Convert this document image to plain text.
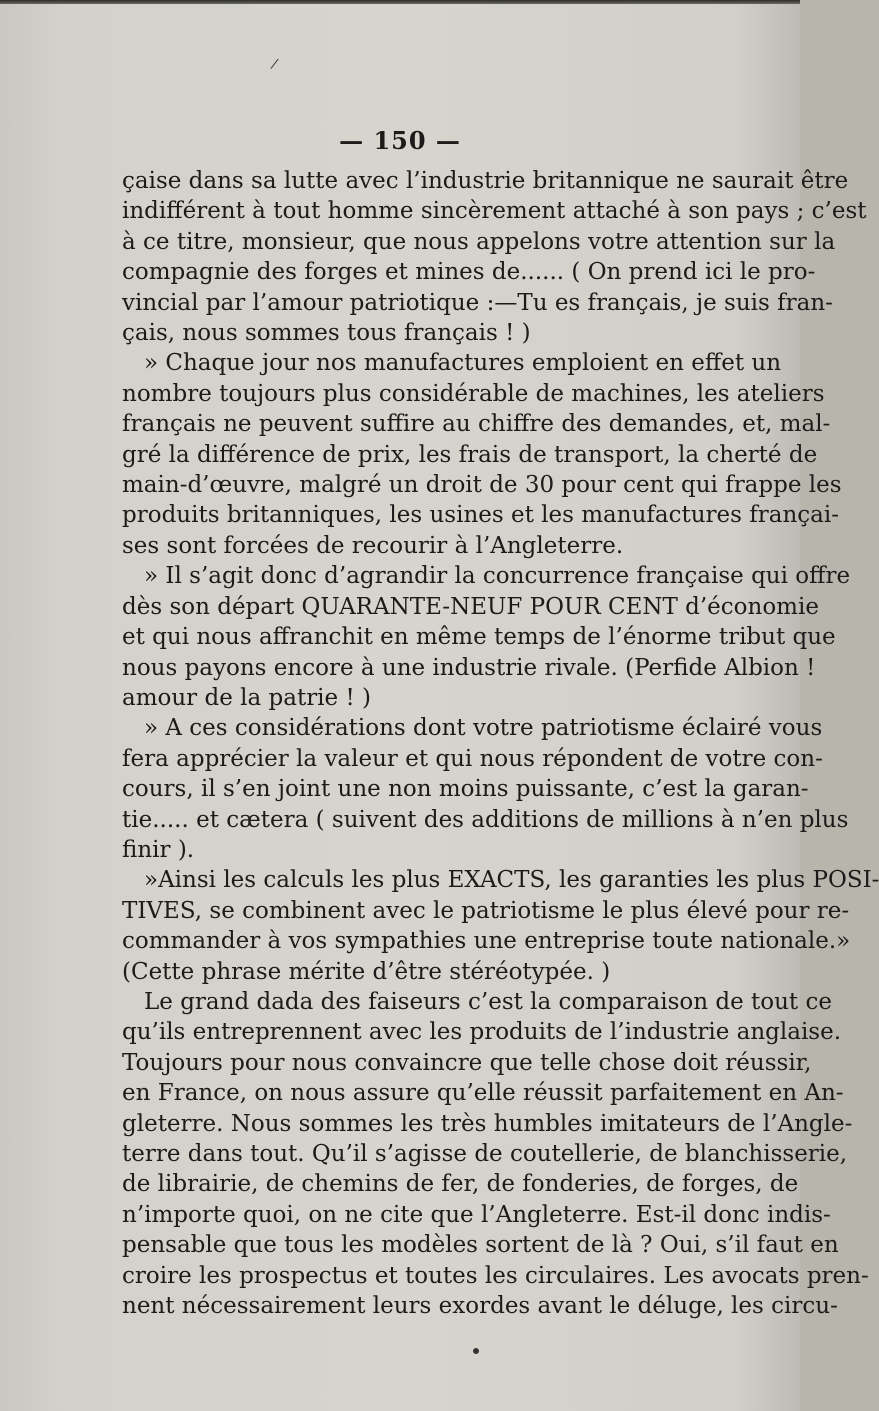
/
— 150 —
çaise dans sa lutte avec l’industrie britannique ne saurait être
indifférent à tout homme sincèrement attaché à son pays ; c’est
à ce titre, monsieur, que nous appelons votre attention sur la
compagnie des forges et mines de...... ( On prend ici le pro-
vincial par l’amour patriotique :—Tu es français, je suis fran-
çais, nous sommes tous français ! )
» Chaque jour nos manufactures emploient en effet un
nombre toujours plus considérable de machines, les ateliers
français ne peuvent suffire au chiffre des demandes, et, mal-
gré la différence de prix, les frais de transport, la cherté de
main-d’œuvre, malgré un droit de 30 pour cent qui frappe les
produits britanniques, les usines et les manufactures françai-
ses sont forcées de recourir à l’Angleterre.
» Il s’agit donc d’agrandir la concurrence française qui offre
dès son départ QUARANTE-NEUF POUR CENT d’économie
et qui nous affranchit en même temps de l’énorme tribut que
nous payons encore à une industrie rivale. (Perfide Albion !
amour de la patrie ! )
» A ces considérations dont votre patriotisme éclairé vous
fera apprécier la valeur et qui nous répondent de votre con-
cours, il s’en joint une non moins puissante, c’est la garan-
tie..... et cætera ( suivent des additions de millions à n’en plus
finir ).
»Ainsi les calculs les plus EXACTS, les garanties les plus POSI-
TIVES, se combinent avec le patriotisme le plus élevé pour re-
commander à vos sympathies une entreprise toute nationale.»
(Cette phrase mérite d’être stéréotypée. )
Le grand dada des faiseurs c’est la comparaison de tout ce
qu’ils entreprennent avec les produits de l’industrie anglaise.
Toujours pour nous convaincre que telle chose doit réussir,
en France, on nous assure qu’elle réussit parfaitement en An-
gleterre. Nous sommes les très humbles imitateurs de l’Angle-
terre dans tout. Qu’il s’agisse de coutellerie, de blanchisserie,
de librairie, de chemins de fer, de fonderies, de forges, de
n’importe quoi, on ne cite que l’Angleterre. Est-il donc indis-
pensable que tous les modèles sortent de là ? Oui, s’il faut en
croire les prospectus et toutes les circulaires. Les avocats pren-
nent nécessairement leurs exordes avant le déluge, les circu-
